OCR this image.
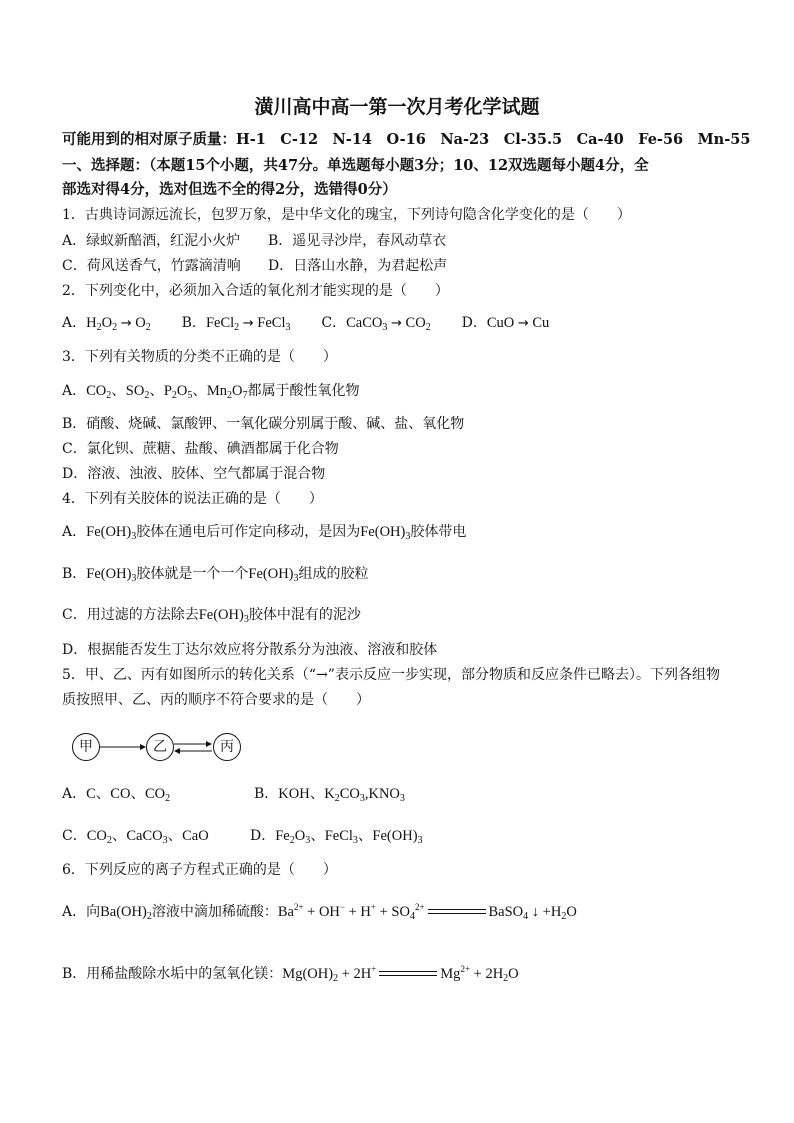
潢川高中高一第一次月考化学试题
可能用到的相对原子质量：H-1　C-12　N-14　O-16　Na-23　Cl-35.5　Ca-40　Fe-56　Mn-55
一、选择题：（本题15个小题，共47分。单选题每小题3分；10、12双选题每小题4分，全
部选对得4分，选对但选不全的得2分，选错得0分）
1．古典诗词源远流长，包罗万象，是中华文化的瑰宝，下列诗句隐含化学变化的是（ ）
A．绿蚁新醅酒，红泥小火炉 B．遥见寻沙岸，春风动草衣
C．荷风送香气，竹露滴清响 D．日落山水静，为君起松声
2．下列变化中，必须加入合适的氧化剂才能实现的是（ ）
A．$H_2O_2 \to O_2$ B．FeCl$_2$ → FeCl$_3$ C．CaCO$_3$ → $CO_2$ D．CuO → Cu
3．下列有关物质的分类不正确的是（ ）
A．$CO_2$、$SO_2$、$P_2O_5$、$Mn_2O_7$都属于酸性氧化物
B．硝酸、烧碱、氯酸钾、一氧化碳分别属于酸、碱、盐、氧化物
C．氯化钡、蔗糖、盐酸、碘酒都属于化合物
D．溶液、浊液、胶体、空气都属于混合物
4．下列有关胶体的说法正确的是（ ）
A．$Fe(OH)_3$胶体在通电后可作定向移动，是因为$Fe(OH)_3$胶体带电
B．$Fe(OH)_3$胶体就是一个一个$Fe(OH)_3$组成的胶粒
C．用过滤的方法除去$Fe(OH)_3$胶体中混有的泥沙
D．根据能否发生丁达尔效应将分散系分为浊液、溶液和胶体
5．甲、乙、丙有如图所示的转化关系（“→”表示反应一步实现，部分物质和反应条件已略去）。下列各组物
质按照甲、乙、丙的顺序不符合要求的是（ ）
甲	乙	丙
A．C、CO、$CO_2$	B．KOH、$K_2CO_3,KNO_3$
C．$CO_2$、CaCO$_3$、CaO	D．$Fe_2O_3$、FeCl$_3$、$Fe(OH)_3$
6．下列反应的离子方程式正确的是（ ）
A．向$Ba(OH)_2$溶液中滴加稀硫酸：$Ba^{2+} + OH^- + H^+ + SO_4^{2+}$	BaSO$_4$ ↓ $+H_2O$
B．用稀盐酸除水垢中的氢氧化镁：$Mg(OH)_2 + 2H^+$	$Mg^{2+} + 2H_2O$
